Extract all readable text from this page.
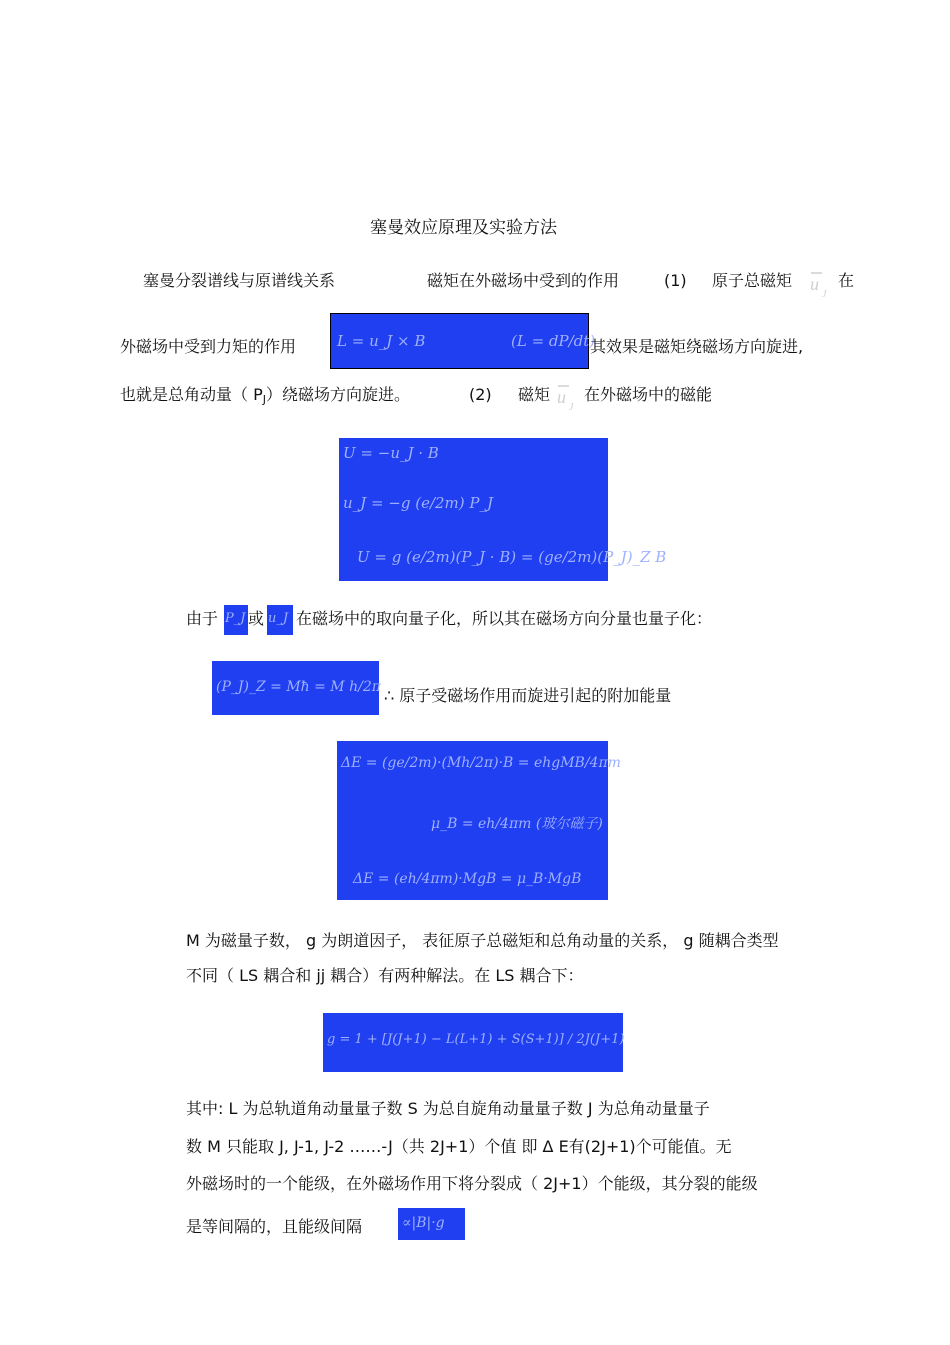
塞曼效应原理及实验方法
塞曼分裂谱线与原谱线关系	磁矩在外磁场中受到的作用	(1) 原子总磁矩 u
J
在
外磁场中受到力矩的作用	L = u_J × B	(L = dP/dt)
其效果是磁矩绕磁场方向旋进,
也就是总角动量（ PJ）绕磁场方向旋进。	(2) 磁矩 u
J
在外磁场中的磁能
U = −u_J · B
u_J = −g (e/2m) P_J
U = g (e/2m)(P_J · B) = (ge/2m)(P_J)_Z B
由于 P_J 或 u_J 在磁场中的取向量子化，所以其在磁场方向分量也量子化：
(P_J)_Z = Mħ = M h/2π ∴ 原子受磁场作用而旋进引起的附加能量
ΔE = (ge/2m)·(Mh/2π)·B = ehgMB/4πm
μ_B = eh/4πm (玻尔磁子)
ΔE = (eh/4πm)·MgB = μ_B·MgB
M 为磁量子数， g 为朗道因子， 表征原子总磁矩和总角动量的关系， g 随耦合类型
不同（ LS 耦合和 jj 耦合）有两种解法。在 LS 耦合下：
g = 1 + [J(J+1) − L(L+1) + S(S+1)] / 2J(J+1)
其中: L 为总轨道角动量量子数 S 为总自旋角动量量子数 J 为总角动量量子
数 M 只能取 J, J-1, J-2 ……-J（共 2J+1）个值 即 Δ E有(2J+1)个可能值。无
外磁场时的一个能级，在外磁场作用下将分裂成（ 2J+1）个能级，其分裂的能级
是等间隔的，且能级间隔	∝|B|·g
